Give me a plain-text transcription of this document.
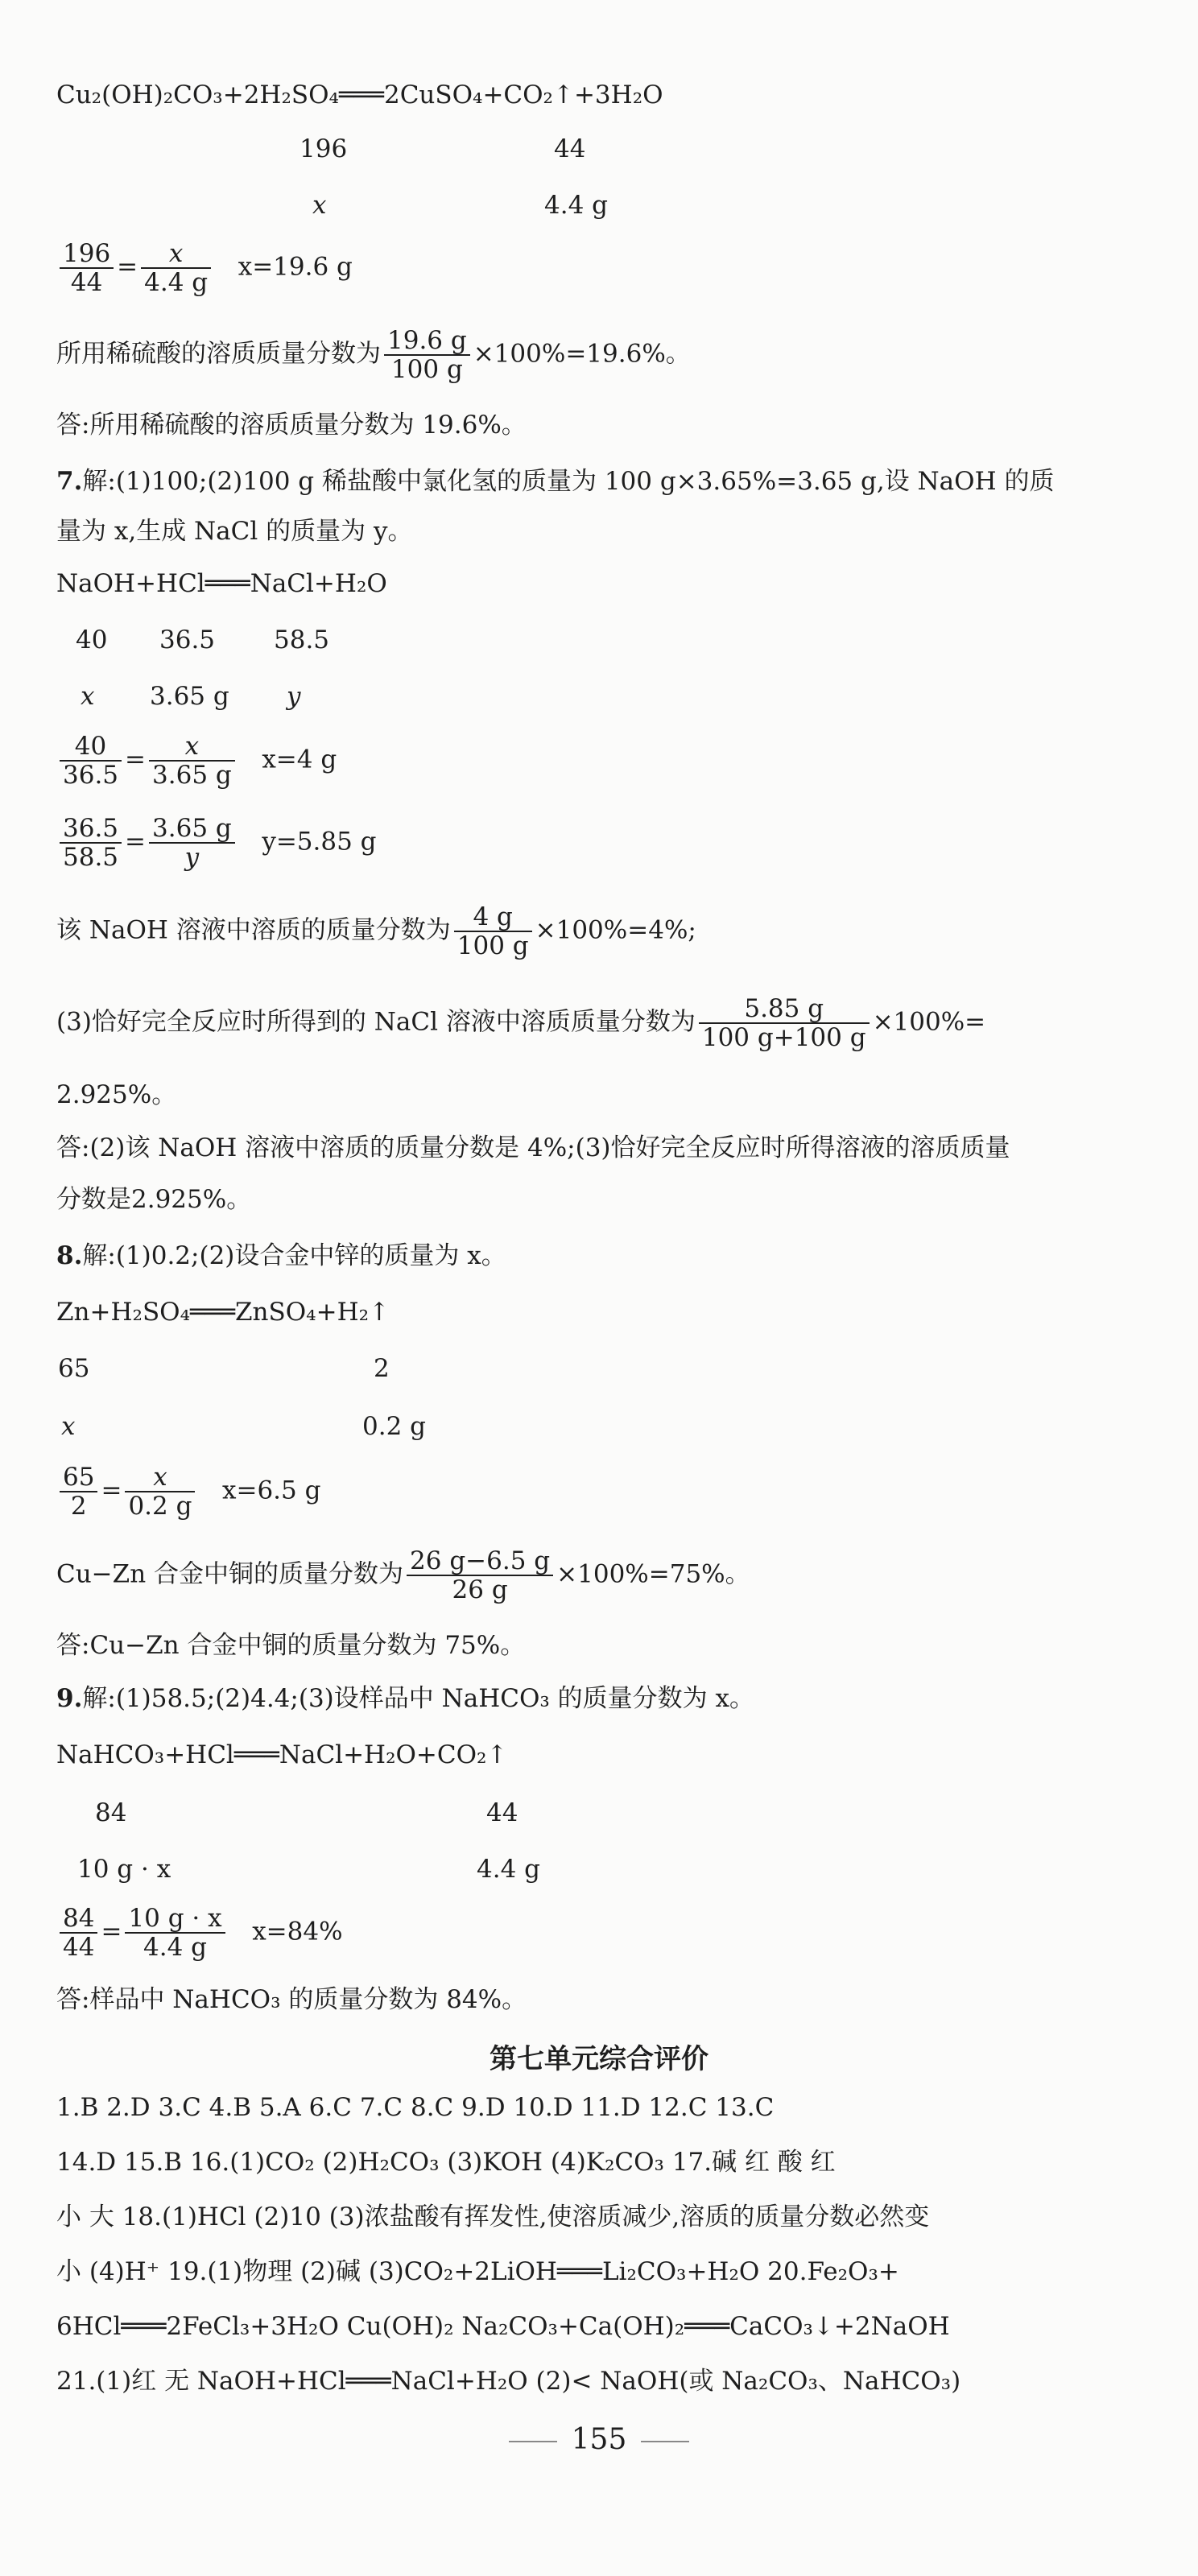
Cu₂(OH)₂CO₃+2H₂SO₄═══2CuSO₄+CO₂↑+3H₂O
196	44
x	4.4 g
$\frac{196}{44} = \frac{x}{4.4 g} x=19.6$ g
所用稀硫酸的溶质质量分数为 $\frac{19.6 g}{100 g} \times 100\%=19.6\%$。
答:所用稀硫酸的溶质质量分数为 19.6%。
7.解:(1)100;(2)100 g 稀盐酸中氯化氢的质量为 100 g×3.65%=3.65 g,设 NaOH 的质
量为 x,生成 NaCl 的质量为 y。
NaOH+HCl═══NaCl+H₂O
40 36.5 58.5
x 3.65 g y
$\frac{40}{36.5} = \frac{x}{3.65 g} x=4$ g
$\frac{36.5}{58.5} = \frac{3.65 g}{y} y=5.85$ g
该 NaOH 溶液中溶质的质量分数为 $\frac{4 g}{100 g} \times 100\%=4\%$;
(3)恰好完全反应时所得到的 NaCl 溶液中溶质质量分数为 $\frac{5.85 g}{100 g+100 g} \times 100\%=$
2.925%。
答:(2)该 NaOH 溶液中溶质的质量分数是 4%;(3)恰好完全反应时所得溶液的溶质质量
分数是2.925%。
8.解:(1)0.2;(2)设合金中锌的质量为 x。
Zn+H₂SO₄═══ZnSO₄+H₂↑
65	2
x	0.2 g
$\frac{65}{2} = \frac{x}{0.2 g} x=6.5$ g
Cu−Zn 合金中铜的质量分数为 $\frac{26 g-6.5 g}{26 g} \times 100\%=75\%$。
答:Cu−Zn 合金中铜的质量分数为 75%。
9.解:(1)58.5;(2)4.4;(3)设样品中 NaHCO₃ 的质量分数为 x。
NaHCO₃+HCl═══NaCl+H₂O+CO₂↑
84	44
10 g · x	4.4 g
$\frac{84}{44} = \frac{10 g \cdot x}{4.4 g} x=84\%$
答:样品中 NaHCO₃ 的质量分数为 84%。
第七单元综合评价
1.B 2.D 3.C 4.B 5.A 6.C 7.C 8.C 9.D 10.D 11.D 12.C 13.C
14.D 15.B 16.(1)CO₂ (2)H₂CO₃ (3)KOH (4)K₂CO₃ 17.碱 红 酸 红
小 大 18.(1)HCl (2)10 (3)浓盐酸有挥发性,使溶质减少,溶质的质量分数必然变
小 (4)H⁺ 19.(1)物理 (2)碱 (3)CO₂+2LiOH═══Li₂CO₃+H₂O 20.Fe₂O₃+
6HCl═══2FeCl₃+3H₂O Cu(OH)₂ Na₂CO₃+Ca(OH)₂═══CaCO₃↓+2NaOH
21.(1)红 无 NaOH+HCl═══NaCl+H₂O (2)< NaOH(或 Na₂CO₃、NaHCO₃)
155
